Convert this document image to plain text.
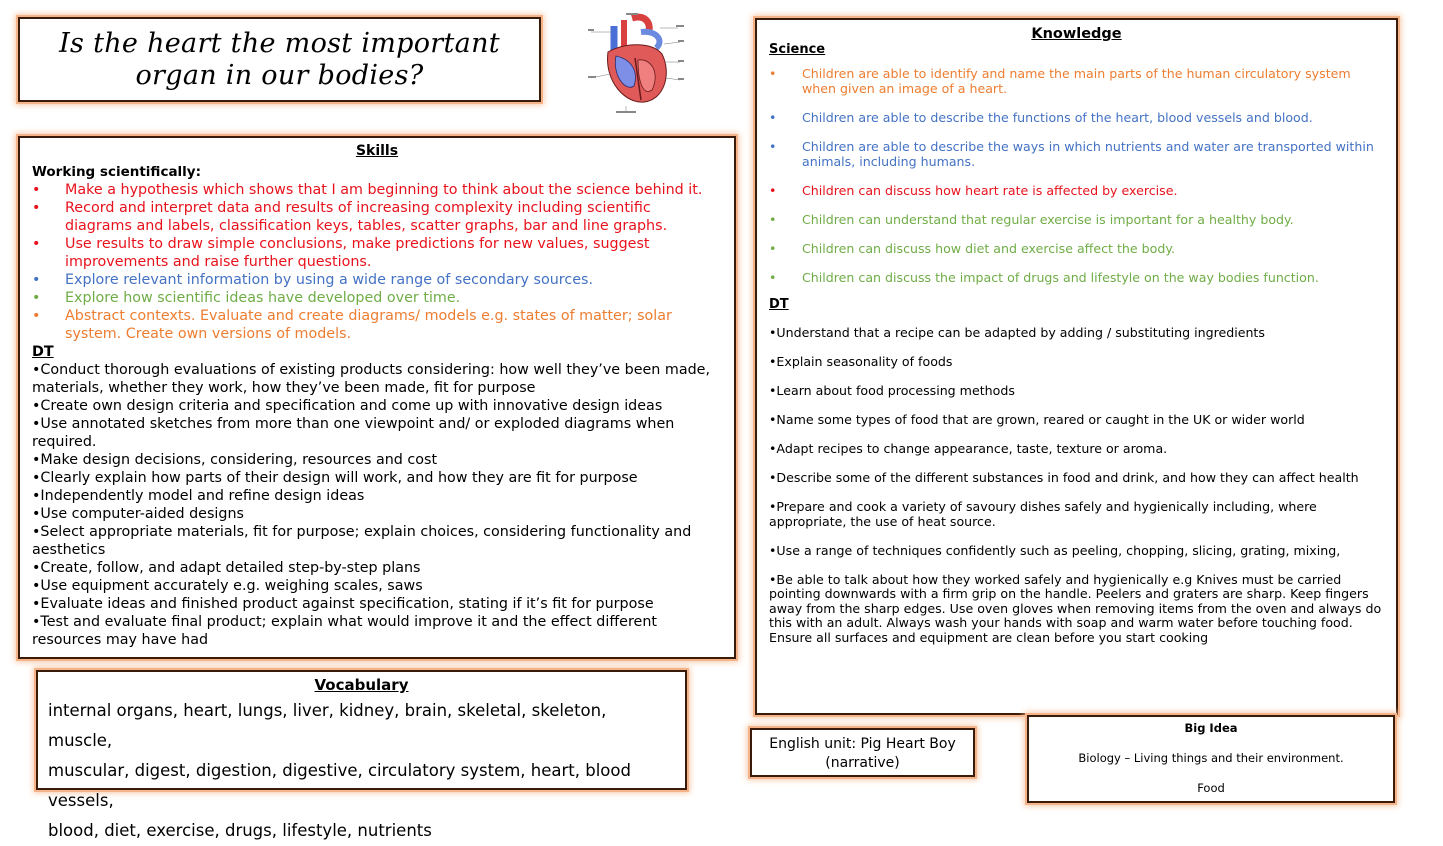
Is the heart the most important
organ in our bodies?
Skills
Working scientifically:
• Make a hypothesis which shows that I am beginning to think about the science behind it.
• Record and interpret data and results of increasing complexity including scientific diagrams and labels, classification keys, tables, scatter graphs, bar and line graphs.
• Use results to draw simple conclusions, make predictions for new values, suggest improvements and raise further questions.
• Explore relevant information by using a wide range of secondary sources.
• Explore how scientific ideas have developed over time.
• Abstract contexts. Evaluate and create diagrams/ models e.g. states of matter; solar system. Create own versions of models.
DT
•Conduct thorough evaluations of existing products considering: how well they’ve been made, materials, whether they work, how they’ve been made, fit for purpose
•Create own design criteria and specification and come up with innovative design ideas
•Use annotated sketches from more than one viewpoint and/ or exploded diagrams when required.
•Make design decisions, considering, resources and cost
•Clearly explain how parts of their design will work, and how they are fit for purpose
•Independently model and refine design ideas
•Use computer-aided designs
•Select appropriate materials, fit for purpose; explain choices, considering functionality and aesthetics
•Create, follow, and adapt detailed step-by-step plans
•Use equipment accurately e.g. weighing scales, saws
•Evaluate ideas and finished product against specification, stating if it’s fit for purpose
•Test and evaluate final product; explain what would improve it and the effect different resources may have had
Vocabulary
internal organs, heart, lungs, liver, kidney, brain, skeletal, skeleton, muscle,
muscular, digest, digestion, digestive, circulatory system, heart, blood vessels,
blood, diet, exercise, drugs, lifestyle, nutrients
Knowledge
Science
• Children are able to identify and name the main parts of the human circulatory system when given an image of a heart.
• Children are able to describe the functions of the heart, blood vessels and blood.
• Children are able to describe the ways in which nutrients and water are transported within animals, including humans.
• Children can discuss how heart rate is affected by exercise.
• Children can understand that regular exercise is important for a healthy body.
• Children can discuss how diet and exercise affect the body.
• Children can discuss the impact of drugs and lifestyle on the way bodies function.
DT

•Understand that a recipe can be adapted by adding / substituting ingredients

•Explain seasonality of foods

•Learn about food processing methods

•Name some types of food that are grown, reared or caught in the UK or wider world

•Adapt recipes to change appearance, taste, texture or aroma.

•Describe some of the different substances in food and drink, and how they can affect health

•Prepare and cook a variety of savoury dishes safely and hygienically including, where appropriate, the use of heat source.

•Use a range of techniques confidently such as peeling, chopping, slicing, grating, mixing,

•Be able to talk about how they worked safely and hygienically e.g Knives must be carried pointing downwards with a firm grip on the handle. Peelers and graters are sharp. Keep fingers away from the sharp edges. Use oven gloves when removing items from the oven and always do this with an adult. Always wash your hands with soap and warm water before touching food. Ensure all surfaces and equipment are clean before you start cooking

English unit: Pig Heart Boy
(narrative)
Big Idea
Biology – Living things and their environment.
Food
